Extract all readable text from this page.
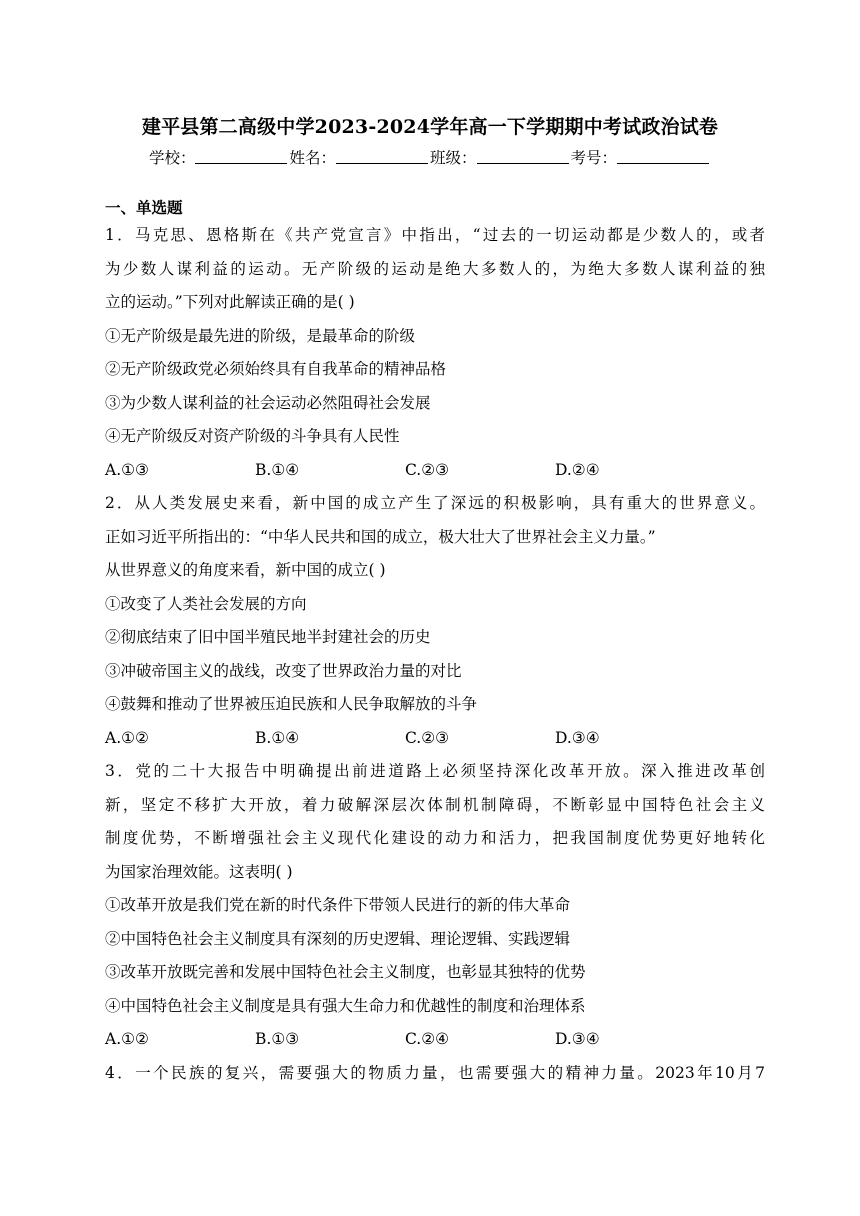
建平县第二高级中学2023-2024学年高一下学期期中考试政治试卷
学校：	姓名：	班级：	考号：
一、单选题
1．马克思、恩格斯在《共产党宣言》中指出，“过去的一切运动都是少数人的，或者
为少数人谋利益的运动。无产阶级的运动是绝大多数人的，为绝大多数人谋利益的独
立的运动。”下列对此解读正确的是( )
①无产阶级是最先进的阶级，是最革命的阶级
②无产阶级政党必须始终具有自我革命的精神品格
③为少数人谋利益的社会运动必然阻碍社会发展
④无产阶级反对资产阶级的斗争具有人民性
A.①③	B.①④	C.②③	D.②④
2．从人类发展史来看，新中国的成立产生了深远的积极影响，具有重大的世界意义。
正如习近平所指出的：“中华人民共和国的成立，极大壮大了世界社会主义力量。”
从世界意义的角度来看，新中国的成立( )
①改变了人类社会发展的方向
②彻底结束了旧中国半殖民地半封建社会的历史
③冲破帝国主义的战线，改变了世界政治力量的对比
④鼓舞和推动了世界被压迫民族和人民争取解放的斗争
A.①②	B.①④	C.②③	D.③④
3．党的二十大报告中明确提出前进道路上必须坚持深化改革开放。深入推进改革创
新，坚定不移扩大开放，着力破解深层次体制机制障碍，不断彰显中国特色社会主义
制度优势，不断增强社会主义现代化建设的动力和活力，把我国制度优势更好地转化
为国家治理效能。这表明( )
①改革开放是我们党在新的时代条件下带领人民进行的新的伟大革命
②中国特色社会主义制度具有深刻的历史逻辑、理论逻辑、实践逻辑
③改革开放既完善和发展中国特色社会主义制度，也彰显其独特的优势
④中国特色社会主义制度是具有强大生命力和优越性的制度和治理体系
A.①②	B.①③	C.②④	D.③④
4．一个民族的复兴，需要强大的物质力量，也需要强大的精神力量。2023年10月7
